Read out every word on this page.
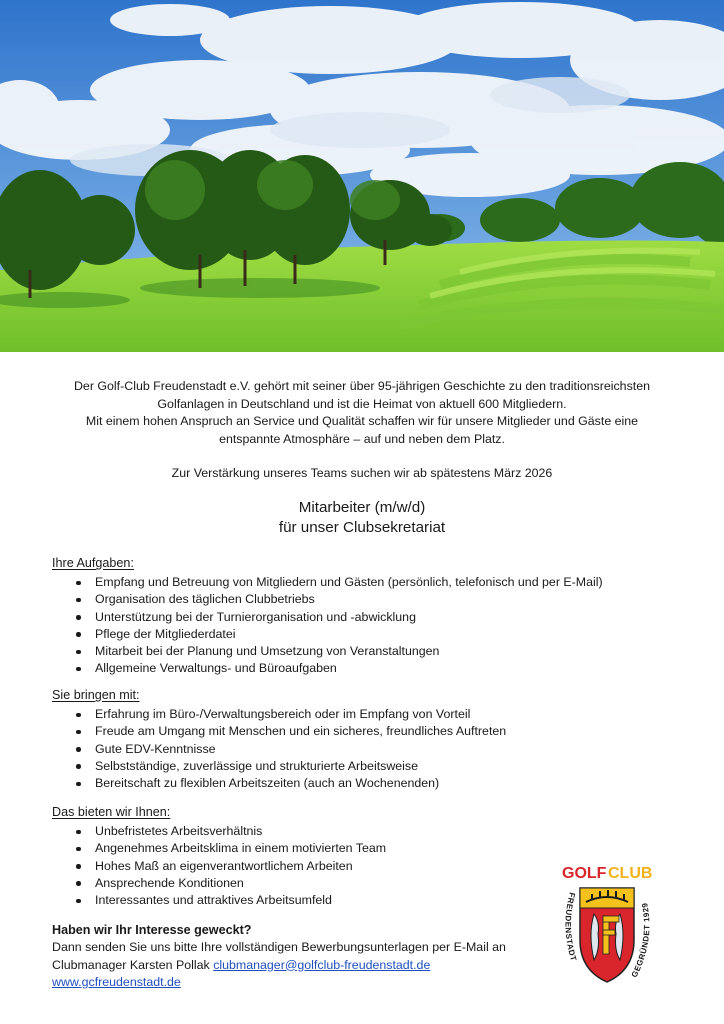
Der Golf-Club Freudenstadt e.V. gehört mit seiner über 95-jährigen Geschichte zu den traditionsreichsten

Golfanlagen in Deutschland und ist die Heimat von aktuell 600 Mitgliedern.

Mit einem hohen Anspruch an Service und Qualität schaffen wir für unsere Mitglieder und Gäste eine

entspannte Atmosphäre – auf und neben dem Platz.

Zur Verstärkung unseres Teams suchen wir ab spätestens März 2026

Mitarbeiter (m/w/d)
für unser Clubsekretariat
Ihre Aufgaben:
Empfang und Betreuung von Mitgliedern und Gästen (persönlich, telefonisch und per E-Mail)
Organisation des täglichen Clubbetriebs
Unterstützung bei der Turnierorganisation und -abwicklung
Pflege der Mitgliederdatei
Mitarbeit bei der Planung und Umsetzung von Veranstaltungen
Allgemeine Verwaltungs- und Büroaufgaben
Sie bringen mit:
Erfahrung im Büro-/Verwaltungsbereich oder im Empfang von Vorteil
Freude am Umgang mit Menschen und ein sicheres, freundliches Auftreten
Gute EDV-Kenntnisse
Selbstständige, zuverlässige und strukturierte Arbeitsweise
Bereitschaft zu flexiblen Arbeitszeiten (auch an Wochenenden)
Das bieten wir Ihnen:
Unbefristetes Arbeitsverhältnis
Angenehmes Arbeitsklima in einem motivierten Team
Hohes Maß an eigenverantwortlichem Arbeiten
Ansprechende Konditionen
Interessantes und attraktives Arbeitsumfeld
Haben wir Ihr Interesse geweckt?

Dann senden Sie uns bitte Ihre vollständigen Bewerbungsunterlagen per E-Mail an

Clubmanager Karsten Pollak clubmanager@golfclub-freudenstadt.de

www.gcfreudenstadt.de

GOLF CLUB
FREUDENSTADT
GEGRÜNDET 1929
